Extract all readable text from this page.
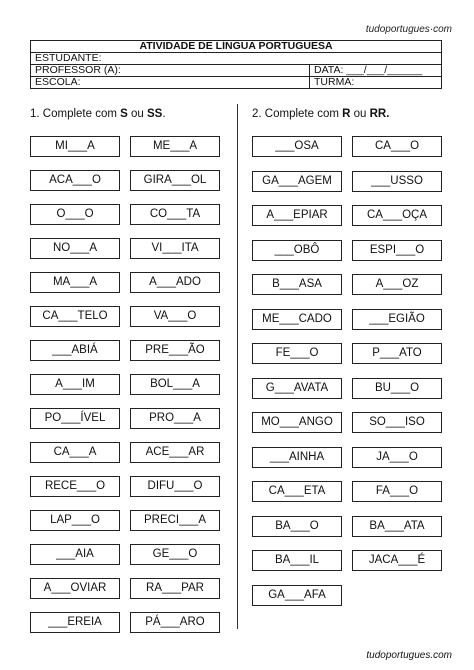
tudoportugues·com
ATIVIDADE DE LÍNGUA PORTUGUESA	
ESTUDANTE:	
PROFESSOR (A):	DATA: ___/___/______
ESCOLA:	TURMA:
1. Complete com S ou SS.	2. Complete com R ou RR.
MI___A
ACA___O
O___O
NO___A
MA___A
CA___TELO
___ABIÁ
A___IM
PO___ÍVEL
CA___A
RECE___O
LAP___O
___AIA
A___OVIAR
___EREIA
ME___A
GIRA___OL
CO___TA
VI___ITA
A___ADO
VA___O
PRE___ÃO
BOL___A
PRO___A
ACE___AR
DIFU___O
PRECI___A
GE___O
RA___PAR
PÁ___ARO
___OSA
GA___AGEM
A___EPIAR
___OBÔ
B___ASA
ME___CADO
FE___O
G___AVATA
MO___ANGO
___AINHA
CA___ETA
BA___O
BA___IL
GA___AFA
CA___O
___USSO
CA___OÇA
ESPI___O
A___OZ
___EGIÃO
P___ATO
BU___O
SO___ISO
JA___O
FA___O
BA___ATA
JACA___É
tudoportugues.com
